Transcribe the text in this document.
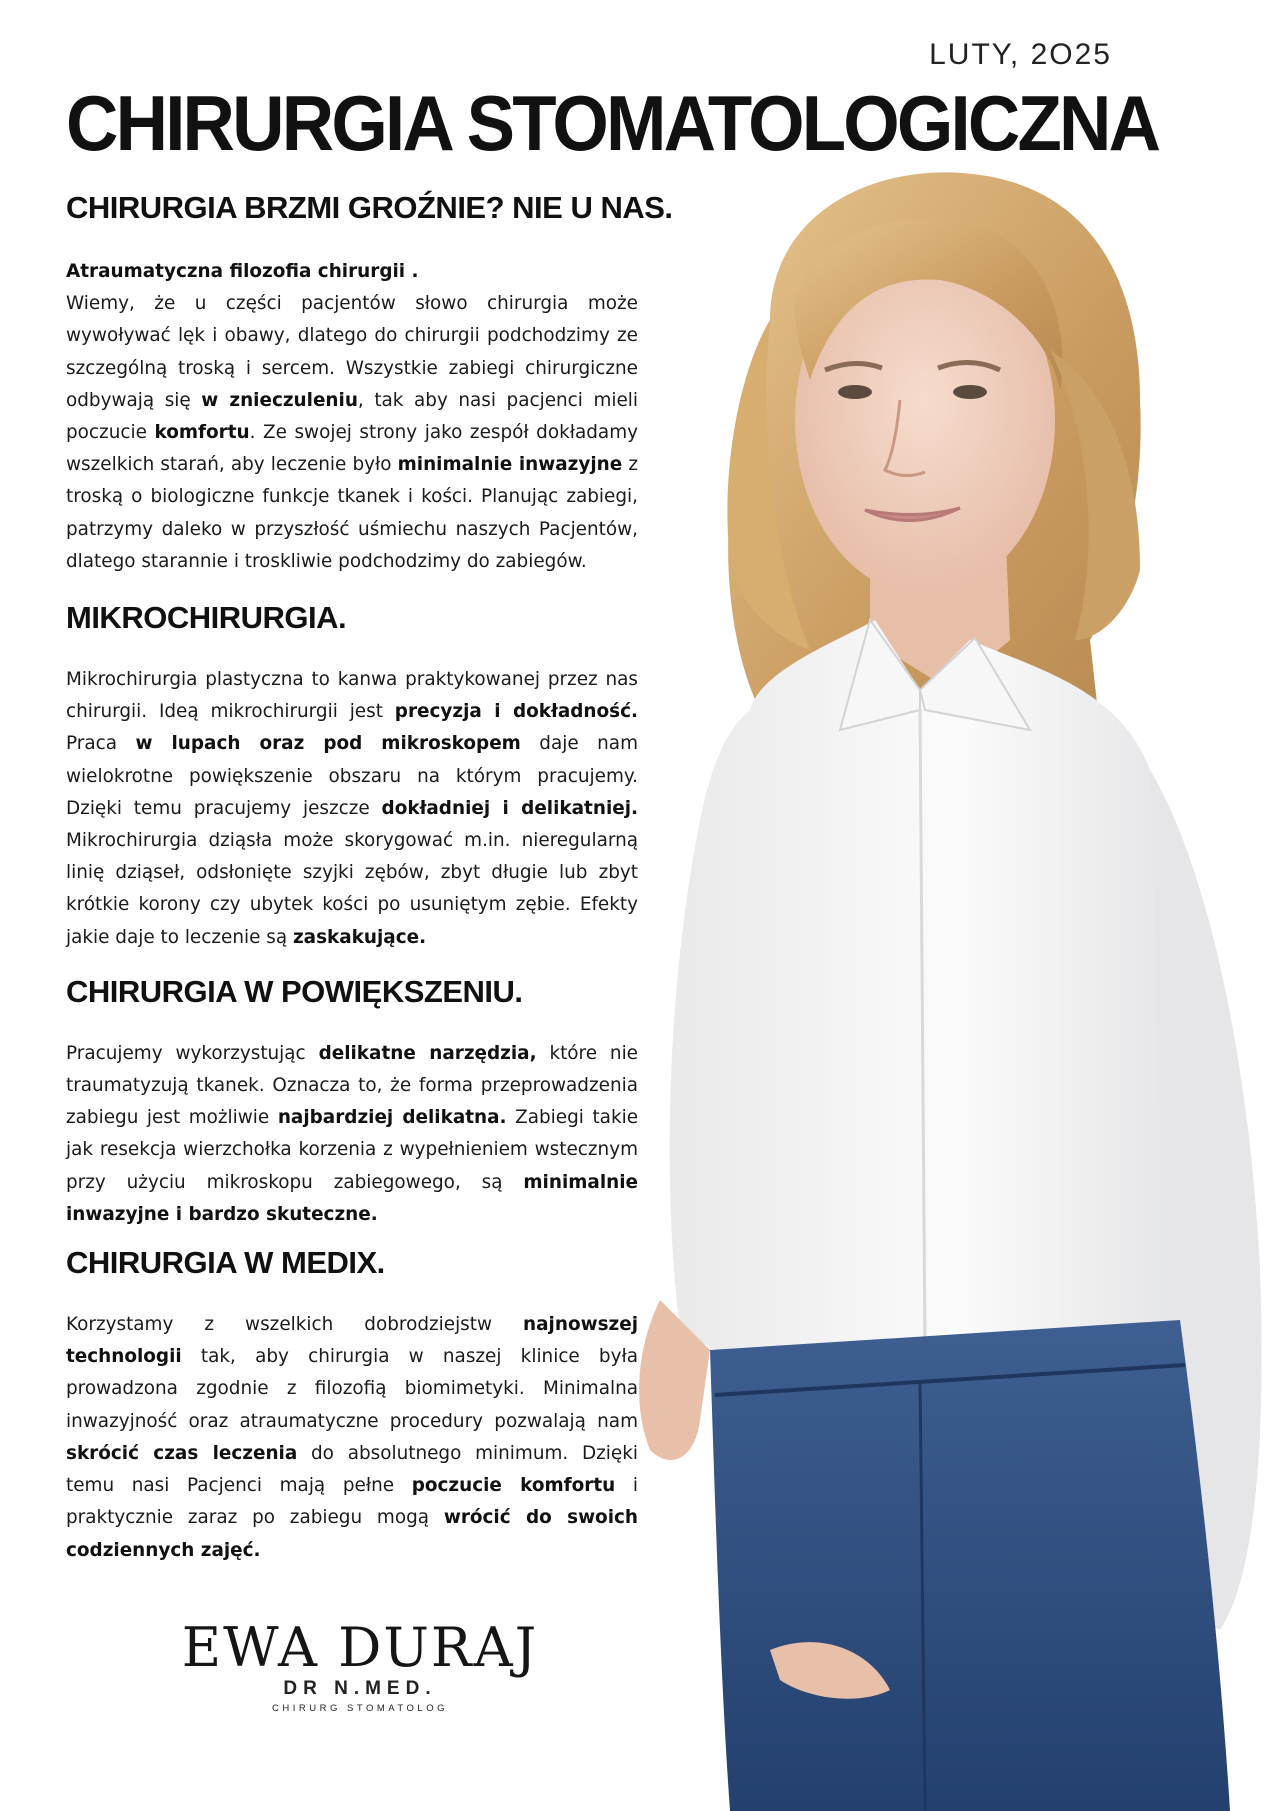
LUTY, 2O25
CHIRURGIA STOMATOLOGICZNA
CHIRURGIA BRZMI GROŹNIE? NIE U NAS.
Atraumatyczna filozofia chirurgii .

Wiemy, że u części pacjentów słowo chirurgia może wywoływać lęk i obawy, dlatego do chirurgii podchodzimy ze szczególną troską i sercem. Wszystkie zabiegi chirurgiczne odbywają się w znieczuleniu, tak aby nasi pacjenci mieli poczucie komfortu. Ze swojej strony jako zespół dokładamy wszelkich starań, aby leczenie było minimalnie inwazyjne z troską o biologiczne funkcje tkanek i kości. Planując zabiegi, patrzymy daleko w przyszłość uśmiechu naszych Pacjentów, dlatego starannie i troskliwie podchodzimy do zabiegów.

MIKROCHIRURGIA.

Mikrochirurgia plastyczna to kanwa praktykowanej przez nas chirurgii. Ideą mikrochirurgii jest precyzja i dokładność. Praca w lupach oraz pod mikroskopem daje nam wielokrotne powiększenie obszaru na którym pracujemy. Dzięki temu pracujemy jeszcze dokładniej i delikatniej. Mikrochirurgia dziąsła może skorygować m.in. nieregularną linię dziąseł, odsłonięte szyjki zębów, zbyt długie lub zbyt krótkie korony czy ubytek kości po usuniętym zębie. Efekty jakie daje to leczenie są zaskakujące.

CHIRURGIA W POWIĘKSZENIU.

Pracujemy wykorzystując delikatne narzędzia, które nie traumatyzują tkanek. Oznacza to, że forma przeprowadzenia zabiegu jest możliwie najbardziej delikatna. Zabiegi takie jak resekcja wierzchołka korzenia z wypełnieniem wstecznym przy użyciu mikroskopu zabiegowego, są minimalnie inwazyjne i bardzo skuteczne.

CHIRURGIA W MEDIX.

Korzystamy z wszelkich dobrodziejstw najnowszej technologii tak, aby chirurgia w naszej klinice była prowadzona zgodnie z filozofią biomimetyki. Minimalna inwazyjność oraz atraumatyczne procedury pozwalają nam skrócić czas leczenia do absolutnego minimum. Dzięki temu nasi Pacjenci mają pełne poczucie komfortu i praktycznie zaraz po zabiegu mogą wrócić do swoich codziennych zajęć.

EWA DURAJ
DR N.MED.
CHIRURG STOMATOLOG
